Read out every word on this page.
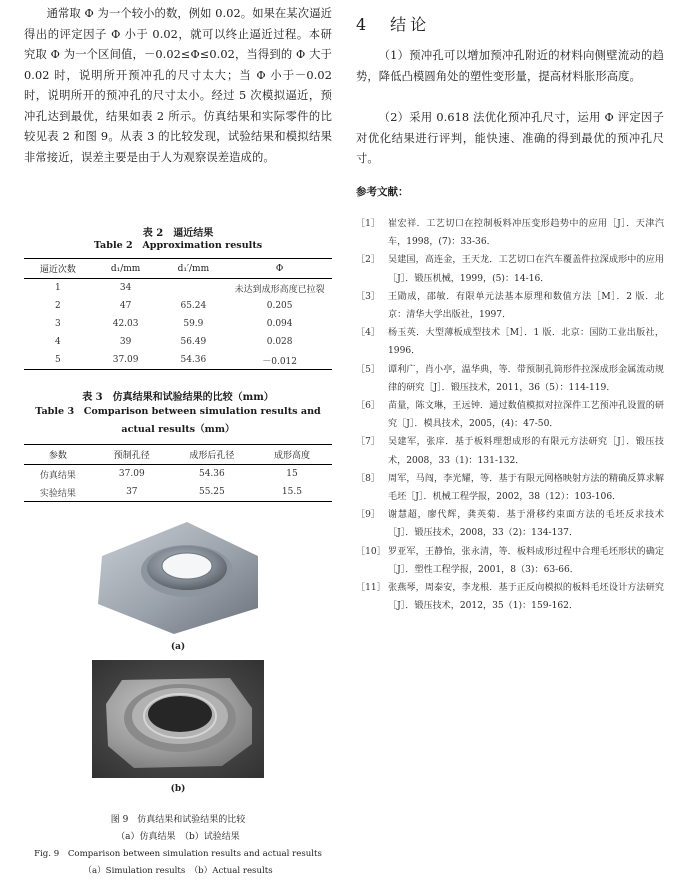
通常取 Φ 为一个较小的数，例如 0.02。如果在某次逼近得出的评定因子 Φ 小于 0.02，就可以终止逼近过程。本研究取 Φ 为一个区间值，－0.02≤Φ≤0.02，当得到的 Φ 大于 0.02 时，说明所开预冲孔的尺寸太大；当 Φ 小于－0.02 时，说明所开的预冲孔的尺寸太小。经过 5 次模拟逼近，预冲孔达到最优，结果如表 2 所示。仿真结果和实际零件的比较见表 2 和图 9。从表 3 的比较发现，试验结果和模拟结果非常接近，误差主要是由于人为观察误差造成的。
表 2　逼近结果
Table 2　Approximation results
逼近次数	d₁/mm	d₁′/mm	Φ
1	34		未达到成形高度已拉裂
2	47	65.24	0.205
3	42.03	59.9	0.094
4	39	56.49	0.028
5	37.09	54.36	－0.012
表 3　仿真结果和试验结果的比较（mm）
Table 3　Comparison between simulation results and
actual results（mm）
参数	预制孔径	成形后孔径	成形高度
仿真结果	37.09	54.36	15
实验结果	37	55.25	15.5
(a)
(b)
图 9　仿真结果和试验结果的比较
（a）仿真结果　（b）试验结果
Fig. 9　Comparison between simulation results and actual results
（a）Simulation results　（b）Actual results
4　结论
（1）预冲孔可以增加预冲孔附近的材料向侧壁流动的趋势，降低凸模圆角处的塑性变形量，提高材料胀形高度。
（2）采用 0.618 法优化预冲孔尺寸，运用 Φ 评定因子对优化结果进行评判，能快速、准确的得到最优的预冲孔尺寸。
参考文献：
［1］ 崔宏祥．工艺切口在控制板料冲压变形趋势中的应用［J］．天津汽车，1998，(7)：33-36．
［2］ 吴建国，高连金，王天龙．工艺切口在汽车覆盖件拉深成形中的应用［J］．锻压机械，1999，(5)：14-16．
［3］ 王勖成，邵敏．有限单元法基本原理和数值方法［M］．2 版．北京：清华大学出版社，1997．
［4］ 杨玉英．大型薄板成型技术［M］．1 版．北京：国防工业出版社，1996．
［5］ 谭利广，肖小亭，温华典，等．带预制孔筒形件拉深成形金属流动规律的研究［J］．锻压技术，2011，36（5）：114-119．
［6］ 苗量，陈文琳，王远钟．通过数值模拟对拉深件工艺预冲孔设置的研究［J］．模具技术，2005，(4)：47-50．
［7］ 吴建军，张庠．基于板料理想成形的有限元方法研究［J］．锻压技术，2008，33（1)：131-132．
［8］ 周军，马闯，李光耀，等．基于有限元网格映射方法的精确反算求解毛坯［J］．机械工程学报，2002，38（12）：103-106．
［9］ 谢慧超，廖代辉，龚英菊．基于滑移约束面方法的毛坯反求技术［J］．锻压技术，2008，33（2)：134-137．
［10］ 罗亚军，王静怡，张永清，等．板料成形过程中合理毛坯形状的确定［J］．塑性工程学报，2001，8（3)：63-66．
［11］ 张燕琴，周泰安，李龙根．基于正反向模拟的板料毛坯设计方法研究［J］．锻压技术，2012，35（1)：159-162．
